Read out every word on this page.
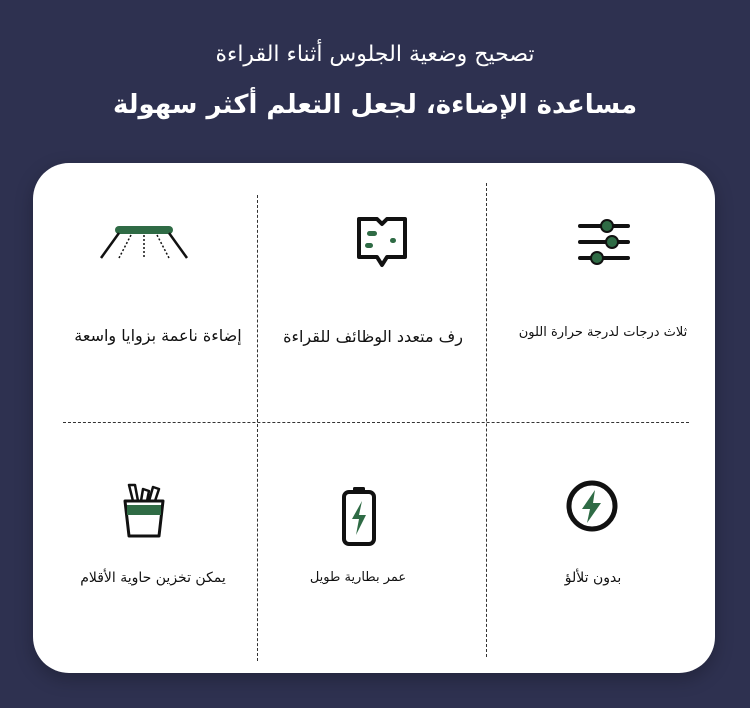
تصحيح وضعية الجلوس أثناء القراءة
مساعدة الإضاءة، لجعل التعلم أكثر سهولة
إضاءة ناعمة بزوايا واسعة	رف متعدد الوظائف للقراءة	ثلاث درجات لدرجة حرارة اللون
يمكن تخزين حاوية الأقلام	عمر بطارية طويل	بدون تلألؤ
